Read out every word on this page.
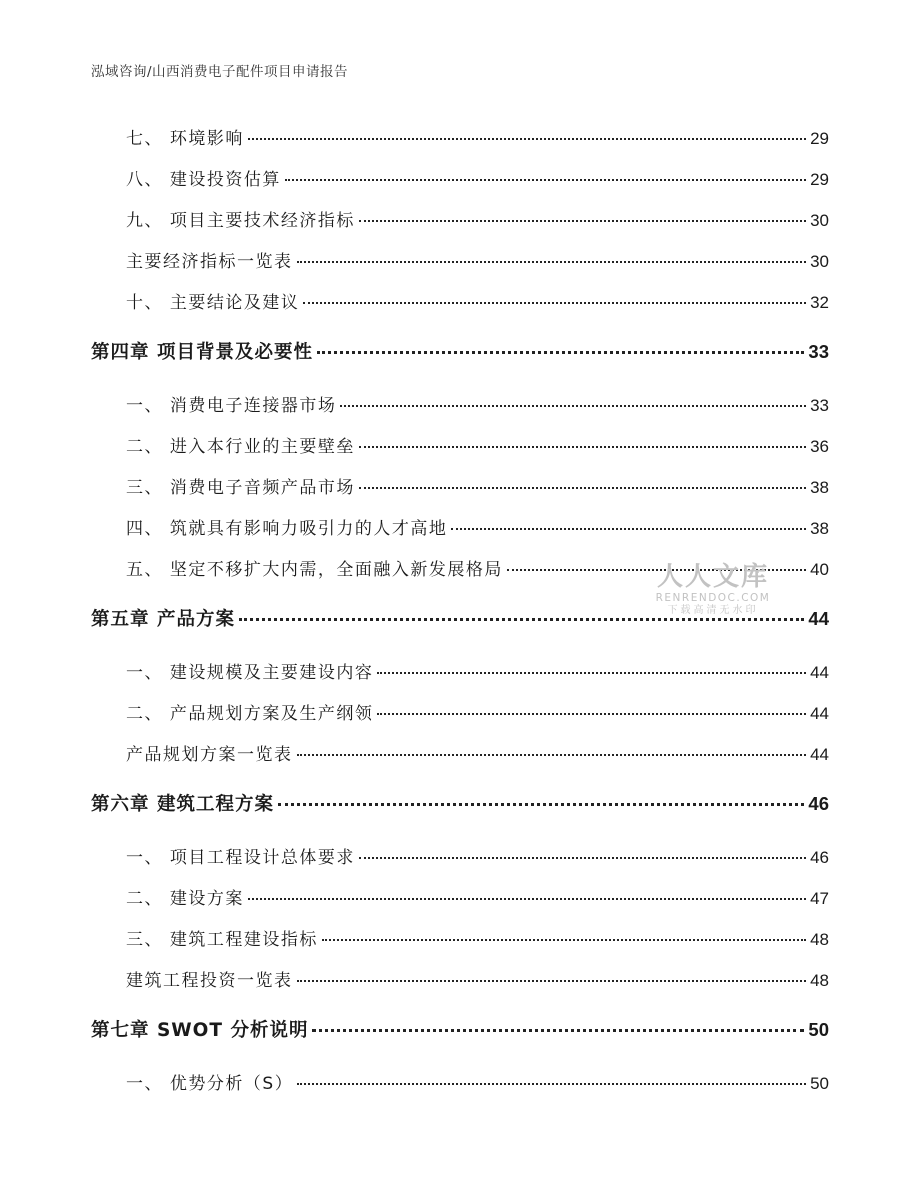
泓域咨询/山西消费电子配件项目申请报告
七、 环境影响	29
八、 建设投资估算	29
九、 项目主要技术经济指标	30
主要经济指标一览表	30
十、 主要结论及建议	32
第四章 项目背景及必要性	33
一、 消费电子连接器市场	33
二、 进入本行业的主要壁垒	36
三、 消费电子音频产品市场	38
四、 筑就具有影响力吸引力的人才高地	38
五、 坚定不移扩大内需，全面融入新发展格局	40
第五章 产品方案	44
一、 建设规模及主要建设内容	44
二、 产品规划方案及生产纲领	44
产品规划方案一览表	44
第六章 建筑工程方案	46
一、 项目工程设计总体要求	46
二、 建设方案	47
三、 建筑工程建设指标	48
建筑工程投资一览表	48
第七章 SWOT 分析说明	50
一、 优势分析（S）	50
人人文库
RENRENDOC.COM
下载高清无水印
